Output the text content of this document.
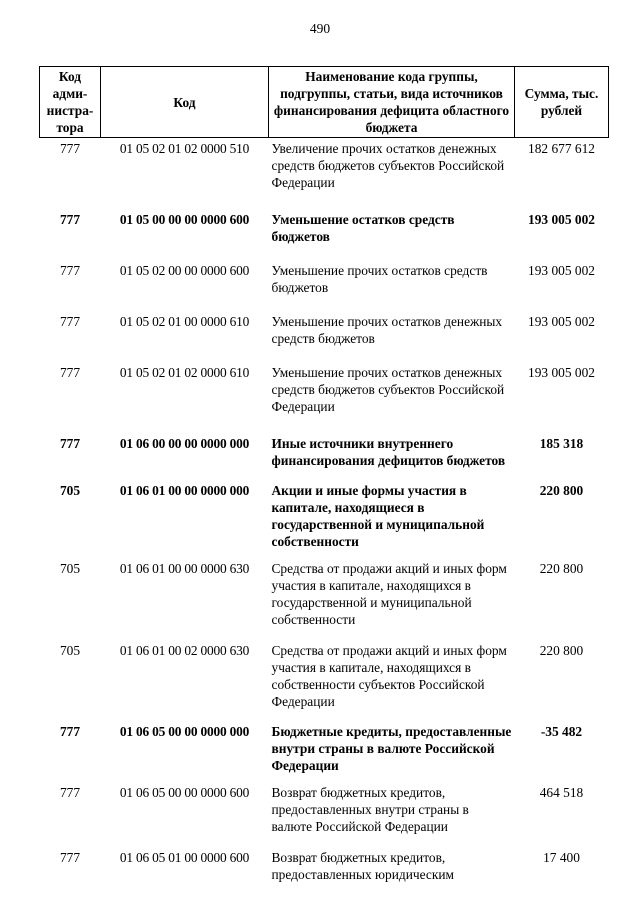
490
Код адми-нистра-тора	Код	Наименование кода группы, подгруппы, статьи, вида источников финансирования дефицита областного бюджета	Сумма, тыс. рублей
777	01 05 02 01 02 0000 510	Увеличение прочих остатков денежных средств бюджетов субъектов Российской Федерации	182 677 612
777	01 05 00 00 00 0000 600	Уменьшение остатков средств бюджетов	193 005 002
777	01 05 02 00 00 0000 600	Уменьшение прочих остатков средств бюджетов	193 005 002
777	01 05 02 01 00 0000 610	Уменьшение прочих остатков денежных средств бюджетов	193 005 002
777	01 05 02 01 02 0000 610	Уменьшение прочих остатков денежных средств бюджетов субъектов Российской Федерации	193 005 002
777	01 06 00 00 00 0000 000	Иные источники внутреннего финансирования дефицитов бюджетов	185 318
705	01 06 01 00 00 0000 000	Акции и иные формы участия в капитале, находящиеся в государственной и муниципальной собственности	220 800
705	01 06 01 00 00 0000 630	Средства от продажи акций и иных форм участия в капитале, находящихся в государственной и муниципальной собственности	220 800
705	01 06 01 00 02 0000 630	Средства от продажи акций и иных форм участия в капитале, находящихся в собственности субъектов Российской Федерации	220 800
777	01 06 05 00 00 0000 000	Бюджетные кредиты, предоставленные внутри страны в валюте Российской Федерации	-35 482
777	01 06 05 00 00 0000 600	Возврат бюджетных кредитов, предоставленных внутри страны в валюте Российской Федерации	464 518
777	01 06 05 01 00 0000 600	Возврат бюджетных кредитов, предоставленных юридическим	17 400
